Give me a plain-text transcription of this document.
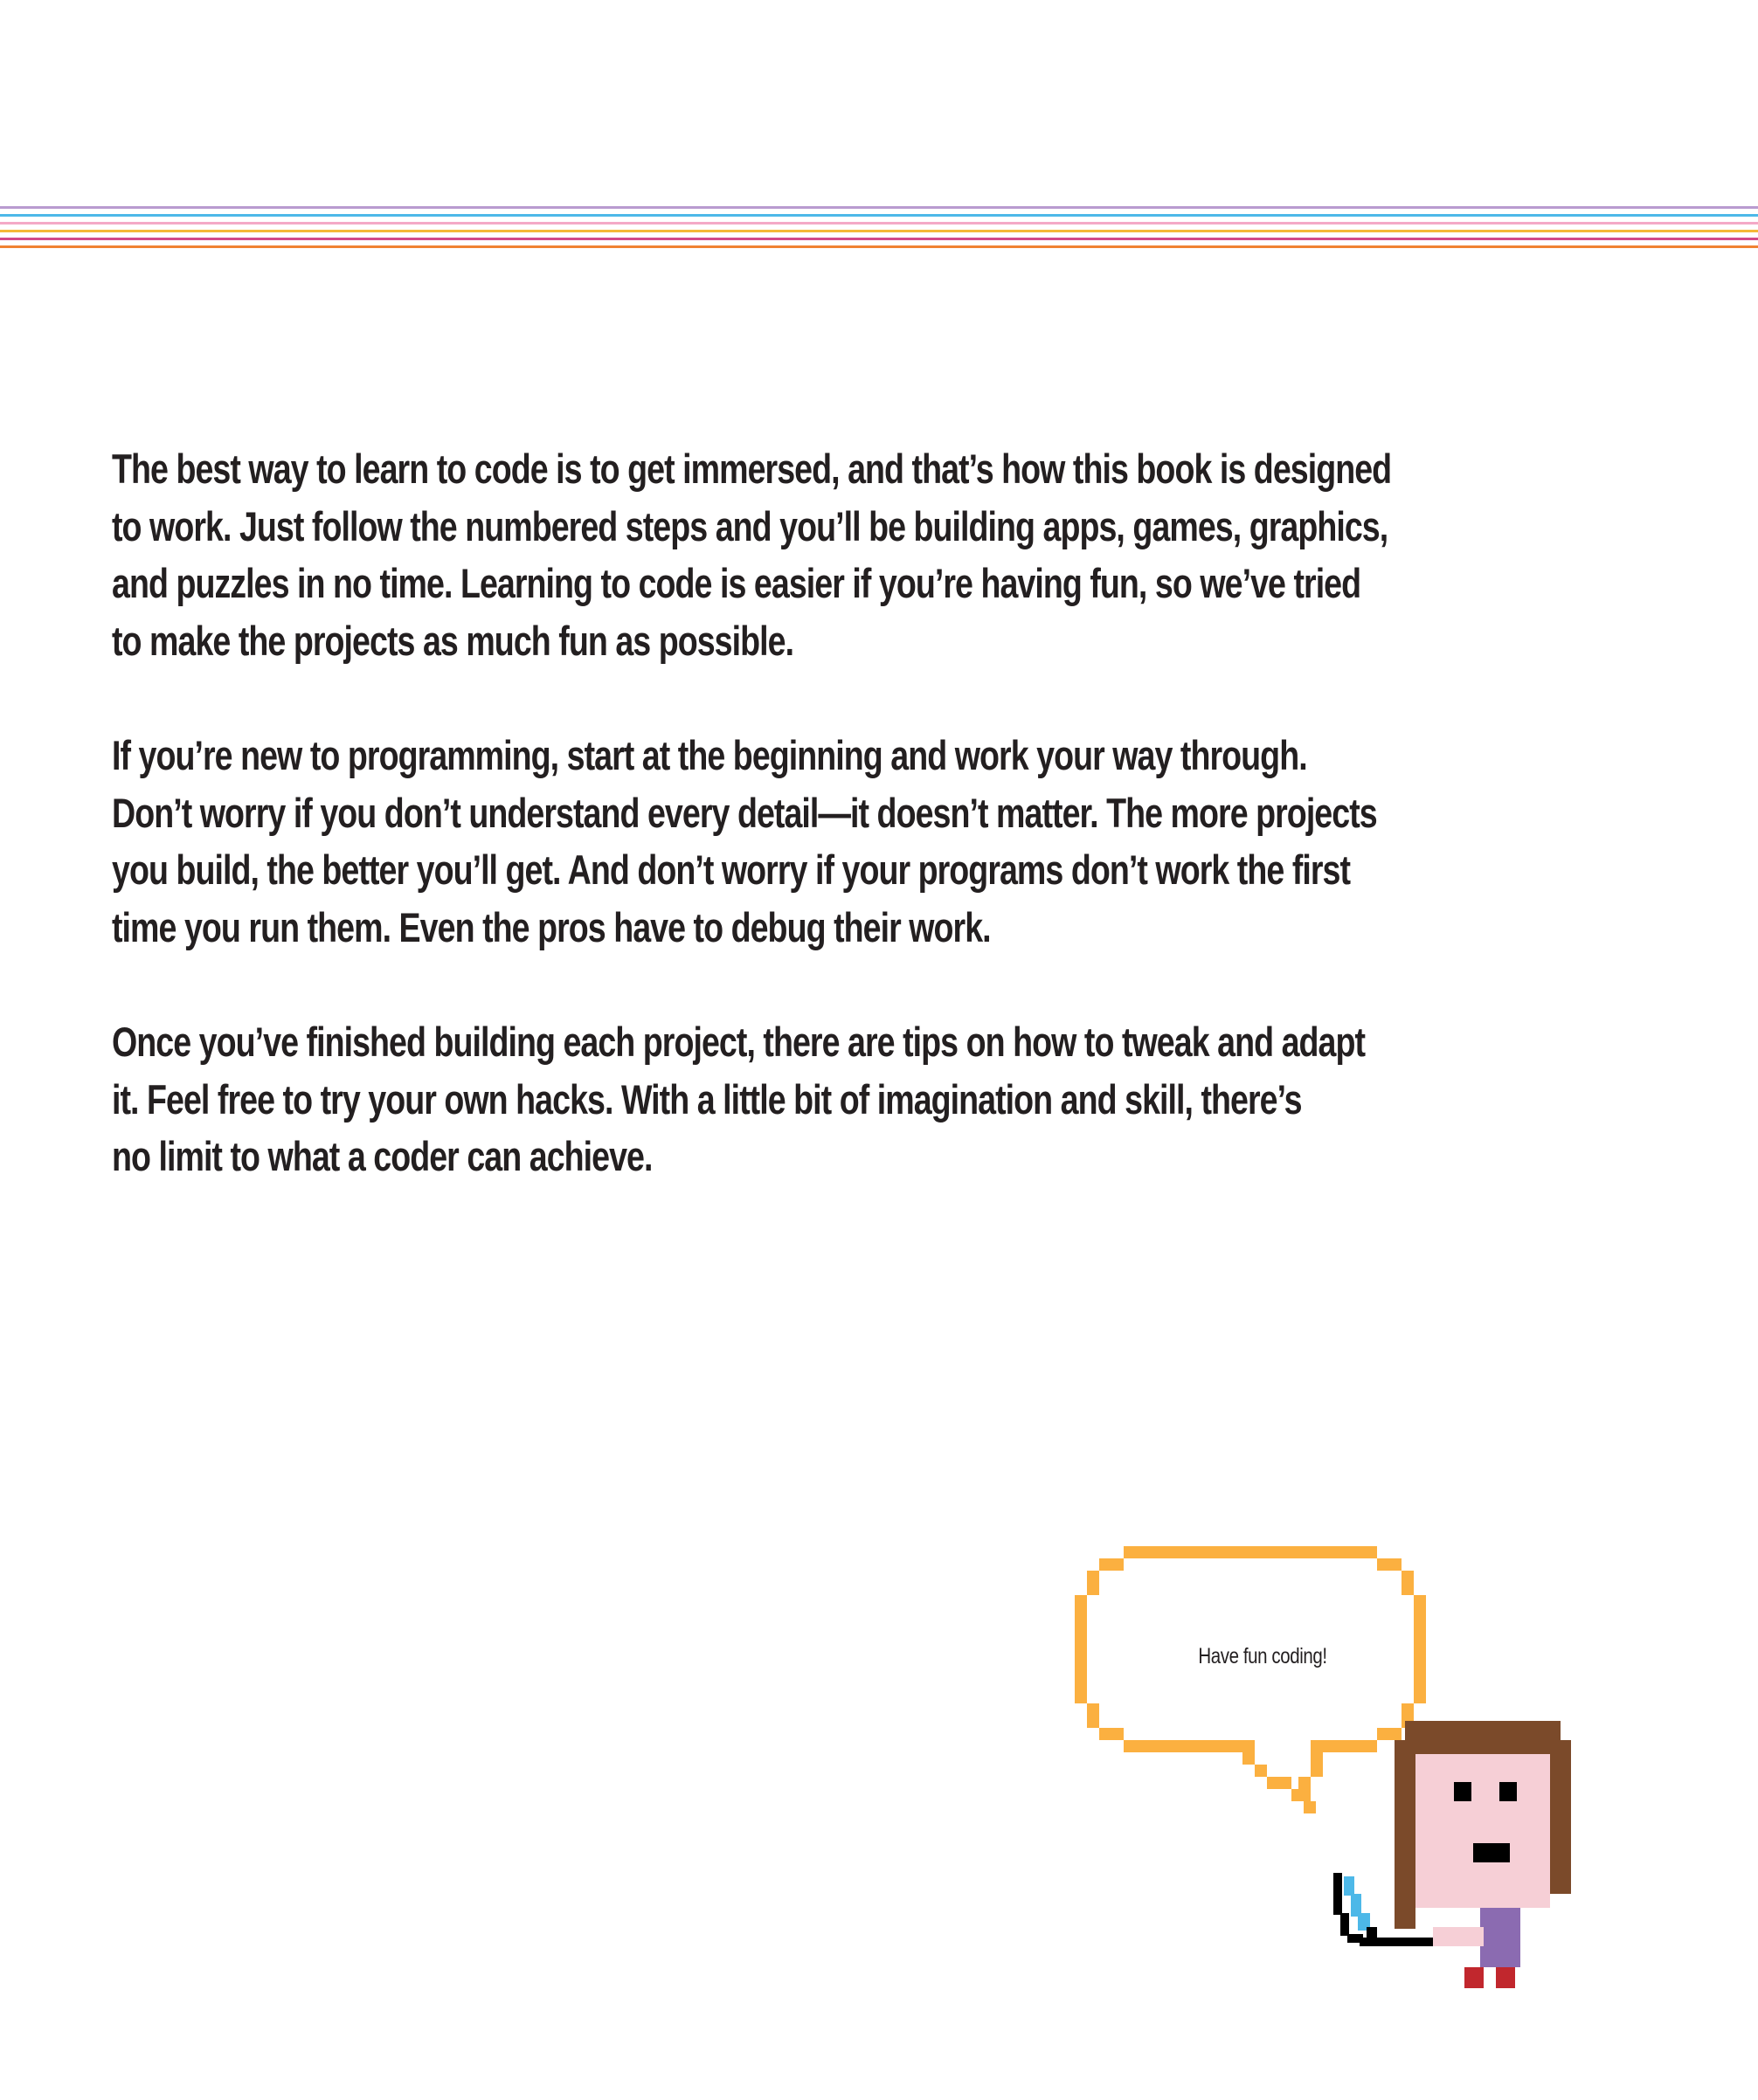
The best way to learn to code is to get immersed, and that’s how this book is designed
to work. Just follow the numbered steps and you’ll be building apps, games, graphics,
and puzzles in no time. Learning to code is easier if you’re having fun, so we’ve tried
to make the projects as much fun as possible.

If you’re new to programming, start at the beginning and work your way through.
Don’t worry if you don’t understand every detail—it doesn’t matter. The more projects
you build, the better you’ll get. And don’t worry if your programs don’t work the first
time you run them. Even the pros have to debug their work.

Once you’ve finished building each project, there are tips on how to tweak and adapt
it. Feel free to try your own hacks. With a little bit of imagination and skill, there’s
no limit to what a coder can achieve.

Have fun coding!
